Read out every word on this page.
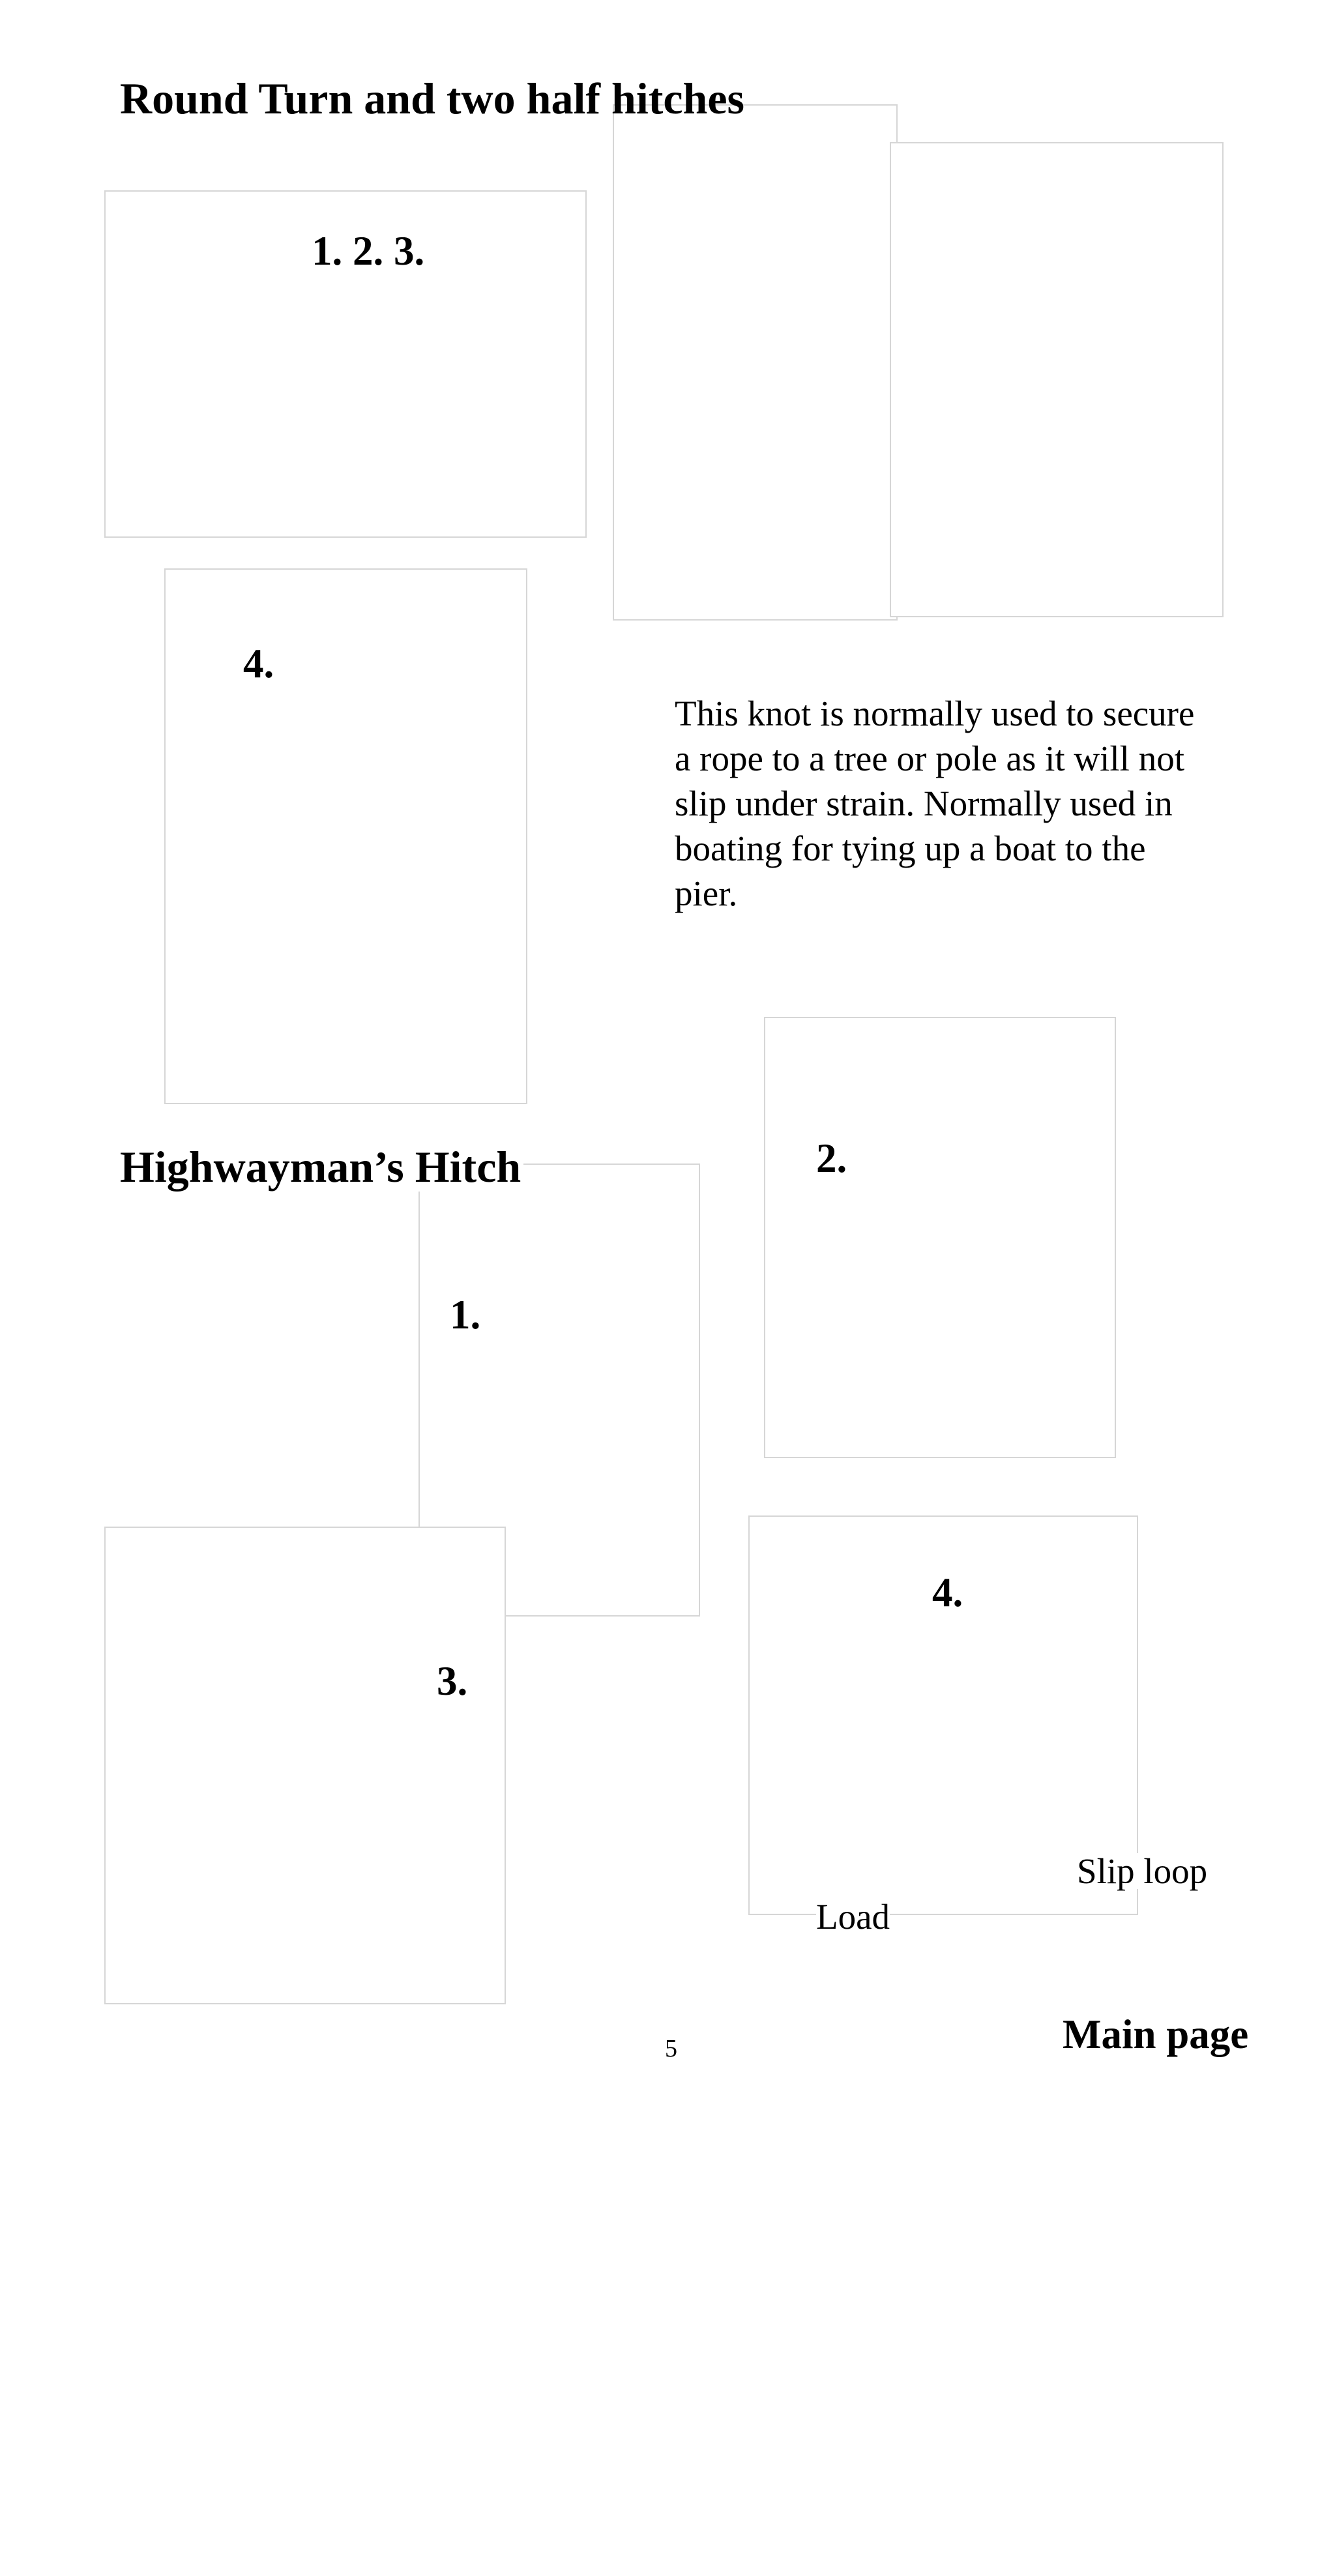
Round Turn and two half hitches
1. 2. 3.
4.
This knot is normally used to secure a rope to a tree or pole as it will not slip under strain. Normally used in boating for tying up a boat to the pier.
Highwayman’s Hitch
1.
2.
3.
4.
Slip loop
Load
5	Main page
